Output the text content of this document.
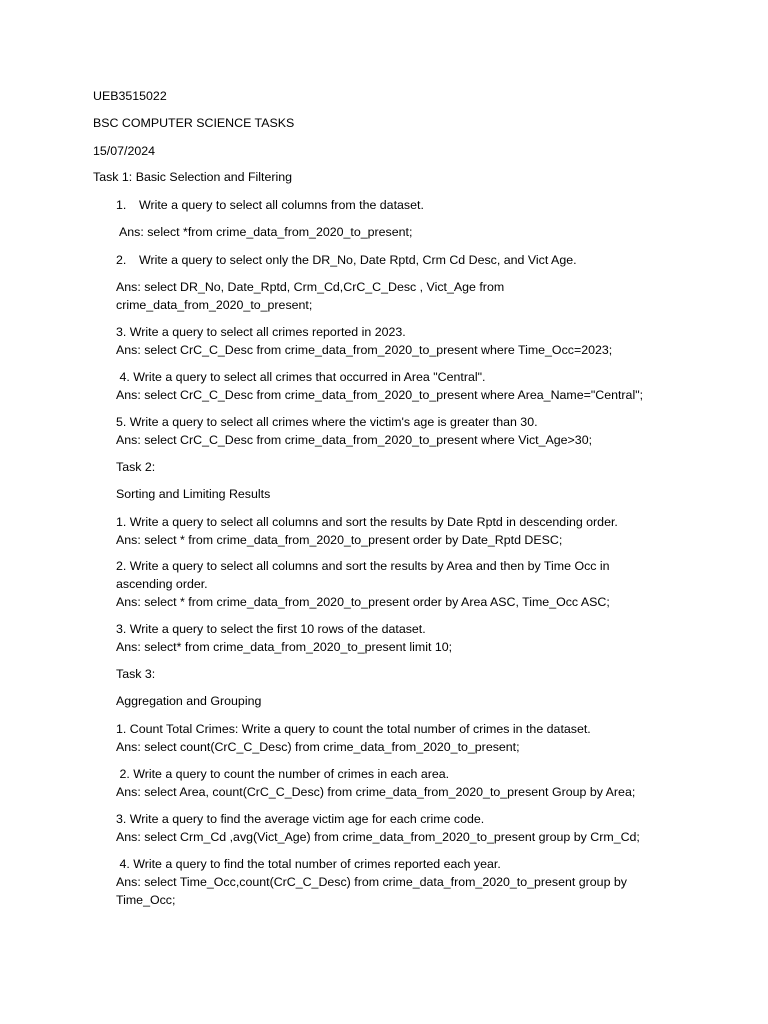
UEB3515022
BSC COMPUTER SCIENCE TASKS
15/07/2024
Task 1: Basic Selection and Filtering
1. Write a query to select all columns from the dataset.
Ans: select *from crime_data_from_2020_to_present;
2. Write a query to select only the DR_No, Date Rptd, Crm Cd Desc, and Vict Age.
Ans: select DR_No, Date_Rptd, Crm_Cd,CrC_C_Desc , Vict_Age from
crime_data_from_2020_to_present;
3. Write a query to select all crimes reported in 2023.
Ans: select CrC_C_Desc from crime_data_from_2020_to_present where Time_Occ=2023;
4. Write a query to select all crimes that occurred in Area "Central".
Ans: select CrC_C_Desc from crime_data_from_2020_to_present where Area_Name="Central";
5. Write a query to select all crimes where the victim's age is greater than 30.
Ans: select CrC_C_Desc from crime_data_from_2020_to_present where Vict_Age>30;
Task 2:
Sorting and Limiting Results
1. Write a query to select all columns and sort the results by Date Rptd in descending order.
Ans: select * from crime_data_from_2020_to_present order by Date_Rptd DESC;
2. Write a query to select all columns and sort the results by Area and then by Time Occ in
ascending order.
Ans: select * from crime_data_from_2020_to_present order by Area ASC, Time_Occ ASC;
3. Write a query to select the first 10 rows of the dataset.
Ans: select* from crime_data_from_2020_to_present limit 10;
Task 3:
Aggregation and Grouping
1. Count Total Crimes: Write a query to count the total number of crimes in the dataset.
Ans: select count(CrC_C_Desc) from crime_data_from_2020_to_present;
2. Write a query to count the number of crimes in each area.
Ans: select Area, count(CrC_C_Desc) from crime_data_from_2020_to_present Group by Area;
3. Write a query to find the average victim age for each crime code.
Ans: select Crm_Cd ,avg(Vict_Age) from crime_data_from_2020_to_present group by Crm_Cd;
4. Write a query to find the total number of crimes reported each year.
Ans: select Time_Occ,count(CrC_C_Desc) from crime_data_from_2020_to_present group by
Time_Occ;
